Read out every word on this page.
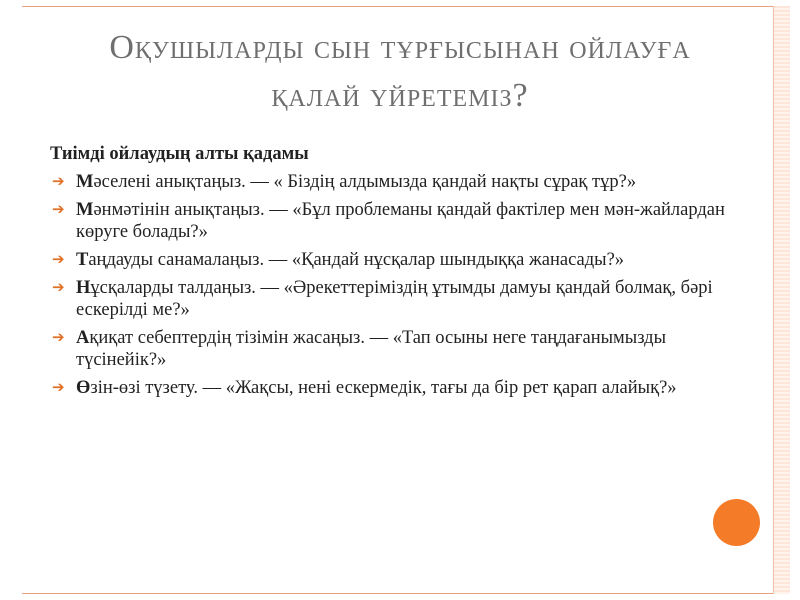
Оқушыларды сын тұрғысынан ойлауға
қалай үйретеміз?
Тиімді ойлаудың алты қадамы
➔ Мәселені анықтаңыз. — « Біздің алдымызда қандай нақты сұрақ тұр?»
➔ Мәнмәтінін анықтаңыз. — «Бұл проблеманы қандай фактілер мен мән-жайлардан көруге болады?»
➔ Таңдауды санамалаңыз. — «Қандай нұсқалар шындыққа жанасады?»
➔ Нұсқаларды талдаңыз. — «Әрекеттеріміздің ұтымды дамуы қандай болмақ, бәрі ескерілді ме?»
➔ Ақиқат себептердің тізімін жасаңыз. — «Тап осыны неге таңдағанымызды түсінейік?»
➔ Өзін-өзі түзету. — «Жақсы, нені ескермедік, тағы да бір рет қарап алайық?»
